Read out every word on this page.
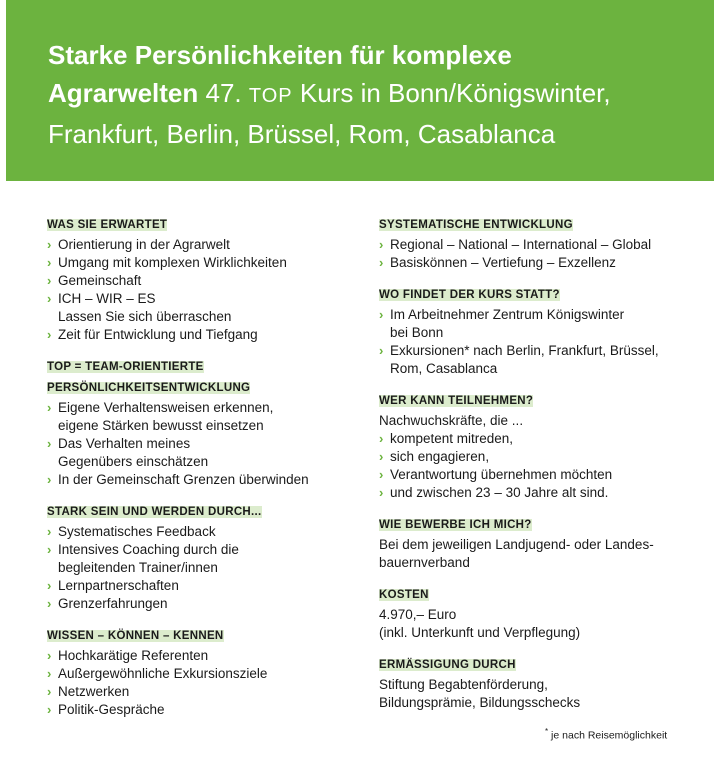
Starke Persönlichkeiten für komplexe
Agrarwelten 47. TOP Kurs in Bonn/Königswinter,
Frankfurt, Berlin, Brüssel, Rom, Casablanca
WAS SIE ERWARTET
› Orientierung in der Agrarwelt
› Umgang mit komplexen Wirklichkeiten
› Gemeinschaft
› ICH – WIR – ES
Lassen Sie sich überraschen
› Zeit für Entwicklung und Tiefgang
TOP = TEAM-ORIENTIERTE
PERSÖNLICHKEITSENTWICKLUNG
› Eigene Verhaltensweisen erkennen,
eigene Stärken bewusst einsetzen
› Das Verhalten meines
Gegenübers einschätzen
› In der Gemeinschaft Grenzen überwinden
STARK SEIN UND WERDEN DURCH...
› Systematisches Feedback
› Intensives Coaching durch die
begleitenden Trainer/innen
› Lernpartnerschaften
› Grenzerfahrungen
WISSEN – KÖNNEN – KENNEN
› Hochkarätige Referenten
› Außergewöhnliche Exkursionsziele
› Netzwerken
› Politik-Gespräche
SYSTEMATISCHE ENTWICKLUNG
› Regional – National – International – Global
› Basiskönnen – Vertiefung – Exzellenz
WO FINDET DER KURS STATT?
› Im Arbeitnehmer Zentrum Königswinter
bei Bonn
› Exkursionen* nach Berlin, Frankfurt, Brüssel,
Rom, Casablanca
WER KANN TEILNEHMEN?
Nachwuchskräfte, die ...
› kompetent mitreden,
› sich engagieren,
› Verantwortung übernehmen möchten
› und zwischen 23 – 30 Jahre alt sind.
WIE BEWERBE ICH MICH?
Bei dem jeweiligen Landjugend- oder Landes-
bauernverband
KOSTEN
4.970,– Euro
(inkl. Unterkunft und Verpflegung)
ERMÄSSIGUNG DURCH
Stiftung Begabtenförderung,
Bildungsprämie, Bildungsschecks
* je nach Reisemöglichkeit
